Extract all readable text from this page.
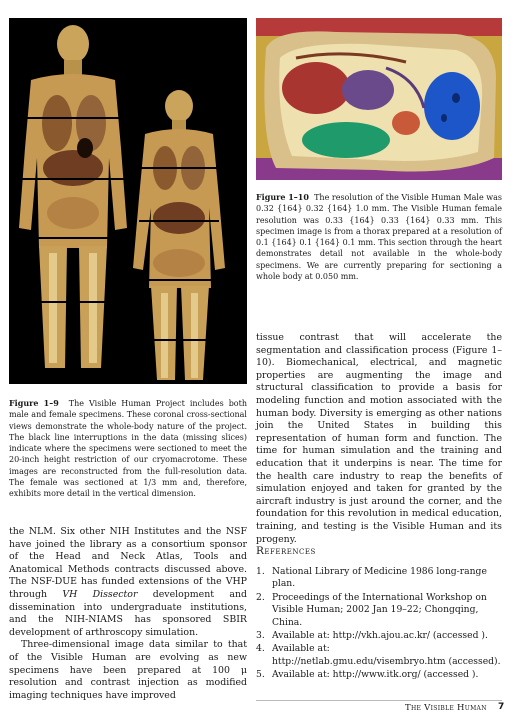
Figure 1–10 The resolution of the Visible Human Male was 0.32 {164} 0.32 {164} 1.0 mm. The Visible Human female resolution was 0.33 {164} 0.33 {164} 0.33 mm. This specimen image is from a thorax prepared at a resolution of 0.1 {164} 0.1 {164} 0.1 mm. This section through the heart demonstrates detail not available in the whole-body specimens. We are currently preparing for sectioning a whole body at 0.050 mm.
Figure 1–9 The Visible Human Project includes both male and female specimens. These coronal cross-sectional views demonstrate the whole-body nature of the project. The black line interruptions in the data (missing slices) indicate where the specimens were sectioned to meet the 20-inch height restriction of our cryomacrotome. These images are reconstructed from the full-resolution data. The female was sectioned at 1/3 mm and, therefore, exhibits more detail in the vertical dimension.

tissue contrast that will accelerate the segmentation and classification process (Figure 1–10). Biomechanical, electrical, and magnetic properties are augmenting the image and structural classification to provide a basis for modeling function and motion associated with the human body. Diversity is emerging as other nations join the United States in building this representation of human form and function. The time for human simulation and the training and education that it underpins is near. The time for the health care industry to reap the benefits of simulation enjoyed and taken for granted by the aircraft industry is just around the corner, and the foundation for this revolution in medical education, training, and testing is the Visible Human and its progeny.

the NLM. Six other NIH Institutes and the NSF have joined the library as a consortium sponsor of the Head and Neck Atlas, Tools and Anatomical Methods contracts discussed above. The NSF-DUE has funded extensions of the VHP through VH Dissector development and dissemination into undergraduate institutions, and the NIH-NIAMS has sponsored SBIR development of arthroscopy simulation.

Three-dimensional image data similar to that of the Visible Human are evolving as new specimens have been prepared at 100 μ resolution and contrast injection as modified imaging techniques have improved

References
1. National Library of Medicine 1986 long-range plan.
2. Proceedings of the International Workshop on Visible Human; 2002 Jan 19–22; Chongqing, China.
3. Available at: http://vkh.ajou.ac.kr/ (accessed ).
4. Available at: http://netlab.gmu.edu/visembryo.htm (accessed).
5. Available at: http://www.itk.org/ (accessed ).
The Visible Human 7
